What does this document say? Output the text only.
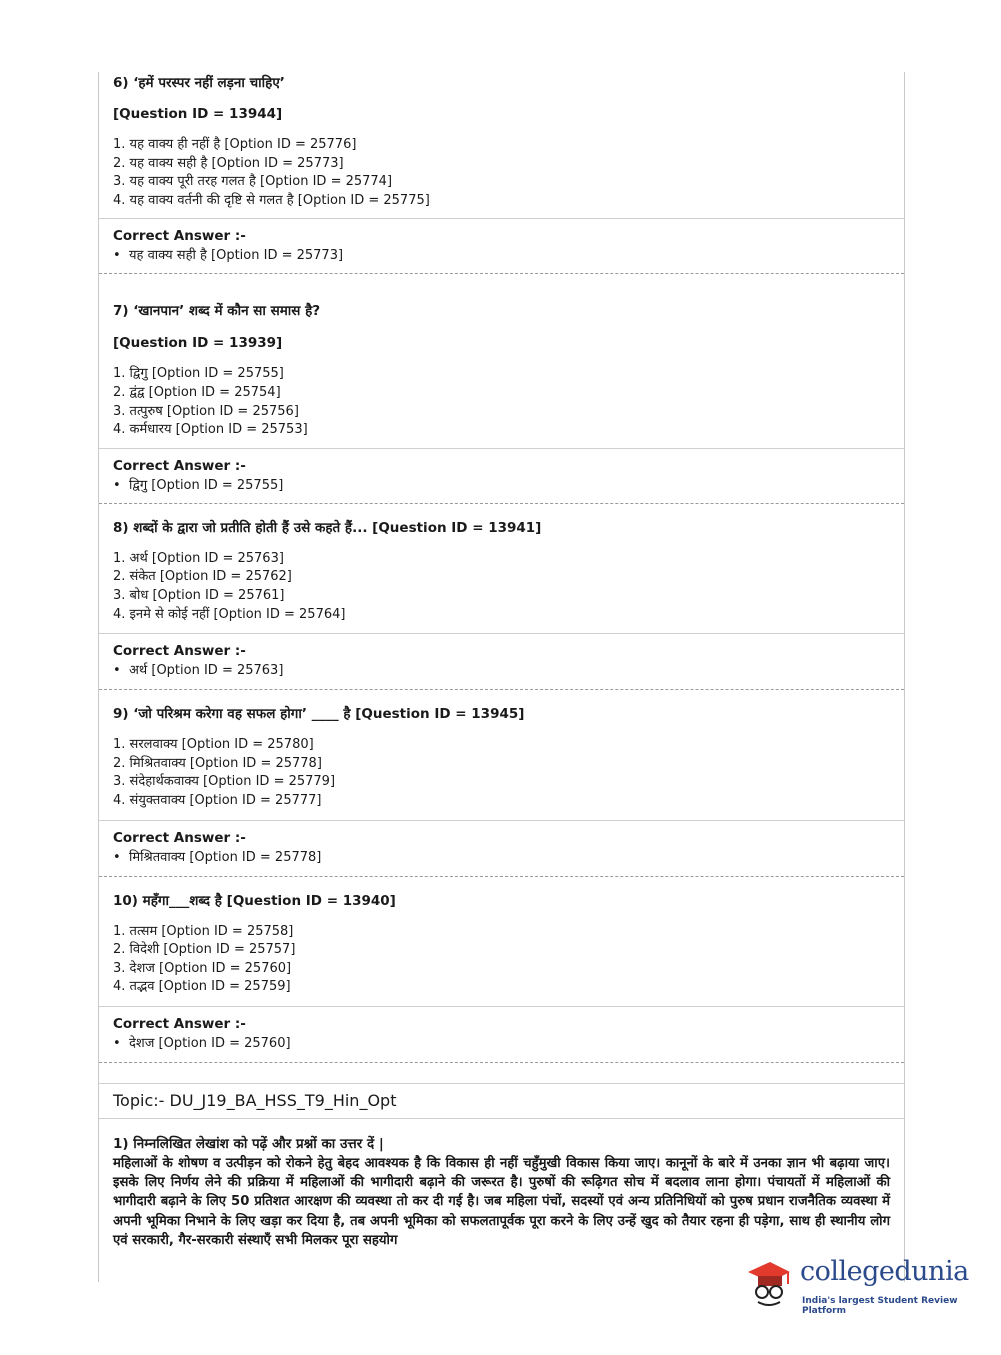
6) ‘हमें परस्पर नहीं लड़ना चाहिए’

[Question ID = 13944]

1. यह वाक्य ही नहीं है [Option ID = 25776]
2. यह वाक्य सही है [Option ID = 25773]
3. यह वाक्य पूरी तरह गलत है [Option ID = 25774]
4. यह वाक्य वर्तनी की दृष्टि से गलत है [Option ID = 25775]

Correct Answer :-

• यह वाक्य सही है [Option ID = 25773]

7) ‘खानपान’ शब्द में कौन सा समास है?

[Question ID = 13939]

1. द्विगु [Option ID = 25755]
2. द्वंद्व [Option ID = 25754]
3. तत्पुरुष [Option ID = 25756]
4. कर्मधारय [Option ID = 25753]

Correct Answer :-

• द्विगु [Option ID = 25755]

8) शब्दों के द्वारा जो प्रतीति होती हैं उसे कहते हैं... [Question ID = 13941]

1. अर्थ [Option ID = 25763]
2. संकेत [Option ID = 25762]
3. बोध [Option ID = 25761]
4. इनमे से कोई नहीं [Option ID = 25764]

Correct Answer :-

• अर्थ [Option ID = 25763]

9) ‘जो परिश्रम करेगा वह सफल होगा’ ____ है [Question ID = 13945]

1. सरलवाक्य [Option ID = 25780]
2. मिश्रितवाक्य [Option ID = 25778]
3. संदेहार्थकवाक्य [Option ID = 25779]
4. संयुक्तवाक्य [Option ID = 25777]

Correct Answer :-

• मिश्रितवाक्य [Option ID = 25778]

10) महँगा___शब्द है [Question ID = 13940]

1. तत्सम [Option ID = 25758]
2. विदेशी [Option ID = 25757]
3. देशज [Option ID = 25760]
4. तद्भव [Option ID = 25759]

Correct Answer :-

• देशज [Option ID = 25760]

Topic:- DU_J19_BA_HSS_T9_Hin_Opt
1) निम्नलिखित लेखांश को पढ़ें और प्रश्नों का उत्तर दें |
महिलाओं के शोषण व उत्पीड़न को रोकने हेतु बेहद आवश्यक है कि विकास ही नहीं चहुँमुखी विकास किया जाए। कानूनों के बारे में उनका ज्ञान भी बढ़ाया जाए। इसके लिए निर्णय लेने की प्रक्रिया में महिलाओं की भागीदारी बढ़ाने की जरूरत है। पुरुषों की रूढ़िगत सोच में बदलाव लाना होगा। पंचायतों में महिलाओं की भागीदारी बढ़ाने के लिए 50 प्रतिशत आरक्षण की व्यवस्था तो कर दी गई है। जब महिला पंचों, सदस्यों एवं अन्य प्रतिनिधियों को पुरुष प्रधान राजनैतिक व्यवस्था में अपनी भूमिका निभाने के लिए खड़ा कर दिया है, तब अपनी भूमिका को सफलतापूर्वक पूरा करने के लिए उन्हें खुद को तैयार रहना ही पड़ेगा, साथ ही स्थानीय लोग एवं सरकारी, गैर-सरकारी संस्थाएँ सभी मिलकर पूरा सहयोग
collegedunia
India's largest Student Review Platform
